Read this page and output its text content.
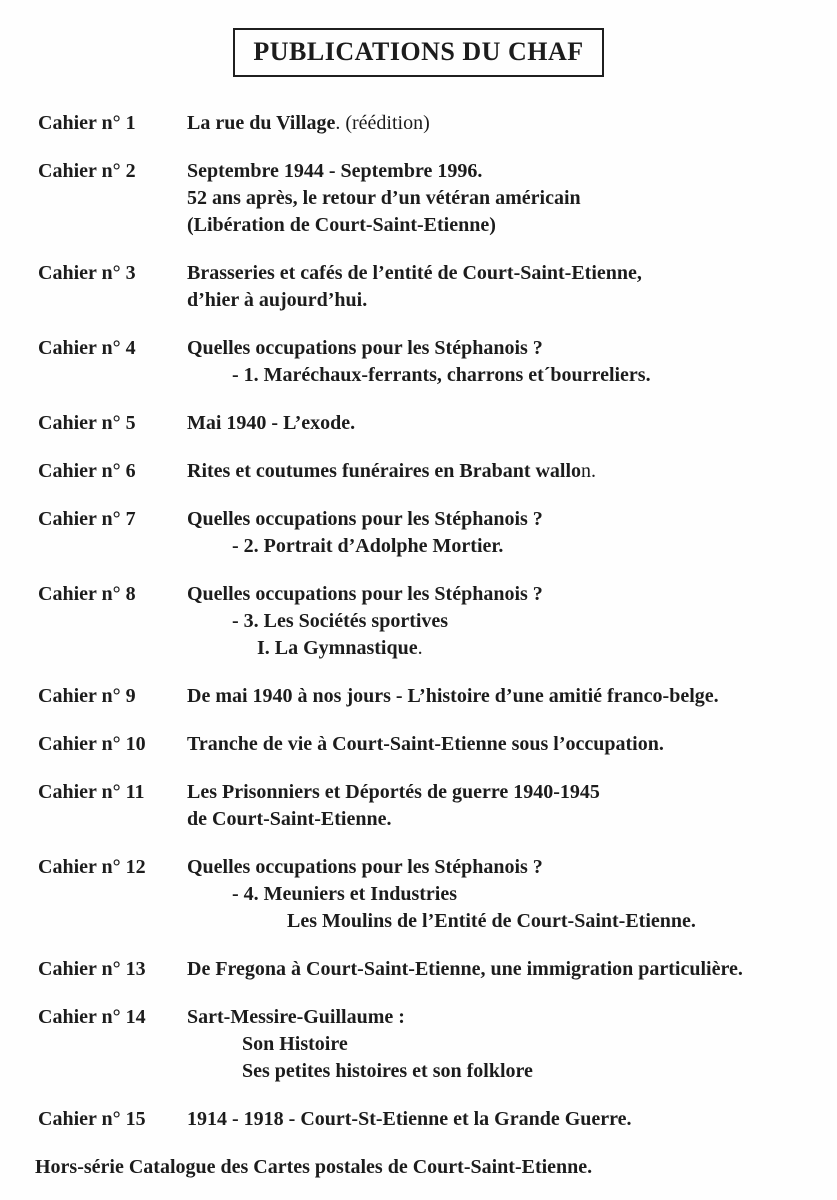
PUBLICATIONS DU CHAF
Cahier n° 1	La rue du Village. (réédition)
Cahier n° 2	Septembre 1944 - Septembre 1996.
52 ans après, le retour d’un vétéran américain
(Libération de Court-Saint-Etienne)
Cahier n° 3	Brasseries et cafés de l’entité de Court-Saint-Etienne,
d’hier à aujourd’hui.
Cahier n° 4	Quelles occupations pour les Stéphanois ?
- 1. Maréchaux-ferrants, charrons et´bourreliers.
Cahier n° 5	Mai 1940 - L’exode.
Cahier n° 6	Rites et coutumes funéraires en Brabant wallon.
Cahier n° 7	Quelles occupations pour les Stéphanois ?
- 2. Portrait d’Adolphe Mortier.
Cahier n° 8	Quelles occupations pour les Stéphanois ?
- 3. Les Sociétés sportives
I. La Gymnastique.
Cahier n° 9	De mai 1940 à nos jours - L’histoire d’une amitié franco-belge.
Cahier n° 10	Tranche de vie à Court-Saint-Etienne sous l’occupation.
Cahier n° 11	Les Prisonniers et Déportés de guerre 1940-1945
de Court-Saint-Etienne.
Cahier n° 12	Quelles occupations pour les Stéphanois ?
- 4. Meuniers et Industries
Les Moulins de l’Entité de Court-Saint-Etienne.
Cahier n° 13	De Fregona à Court-Saint-Etienne, une immigration particulière.
Cahier n° 14	Sart-Messire-Guillaume :
Son Histoire
Ses petites histoires et son folklore
Cahier n° 15	1914 - 1918 - Court-St-Etienne et la Grande Guerre.
Hors-série Catalogue des Cartes postales de Court-Saint-Etienne.
